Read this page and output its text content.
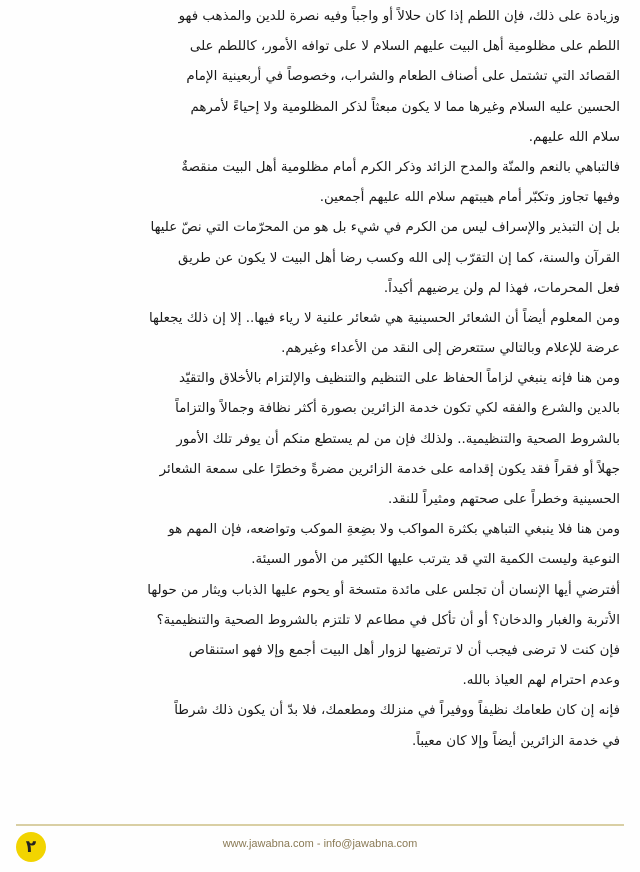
وزيادة على ذلك، فإن اللطم إذا كان حلالاً أو واجباً وفيه نصرة للدين والمذهب فهو
اللطم على مظلومية أهل البيت عليهم السلام لا على توافه الأمور، كاللطم على
القصائد التي تشتمل على أصناف الطعام والشراب، وخصوصاً في أربعينية الإمام
الحسين عليه السلام وغيرها مما لا يكون مبعثاً لذكر المظلومية ولا إحياءً لأمرهم
سلام الله عليهم.
فالتباهي بالنعم والمنّة والمدح الزائد وذكر الكرم أمام مظلومية أهل البيت منقصةٌ
وفيها تجاوز وتكبّر أمام هيبتهم سلام الله عليهم أجمعين.
بل إن التبذير والإسراف ليس من الكرم في شيء بل هو من المحرّمات التي نصّ عليها
القرآن والسنة، كما إن التقرّب إلى الله وكسب رضا أهل البيت لا يكون عن طريق
فعل المحرمات، فهذا لم ولن يرضيهم أكيداً.
ومن المعلوم أيضاً أن الشعائر الحسينية هي شعائر علنية لا رياء فيها.. إلا إن ذلك يجعلها
عرضة للإعلام وبالتالي ستتعرض إلى النقد من الأعداء وغيرهم.
ومن هنا فإنه ينبغي لزاماً الحفاظ على التنظيم والتنظيف والإلتزام بالأخلاق والتقيّد
بالدين والشرع والفقه لكي تكون خدمة الزائرين بصورة أكثر نظافة وجمالاً والتزاماً
بالشروط الصحية والتنظيمية.. ولذلك فإن من لم يستطع منكم أن يوفر تلك الأمور
جهلاً أو فقراً فقد يكون إقدامه على خدمة الزائرين مضرةً وخطرًا على سمعة الشعائر
الحسينية وخطراً على صحتهم ومثيراً للنقد.
ومن هنا فلا ينبغي التباهي بكثرة المواكب ولا بضِعةِ الموكب وتواضعه، فإن المهم هو
النوعية وليست الكمية التي قد يترتب عليها الكثير من الأمور السيئة.
أفترضي أيها الإنسان أن تجلس على مائدة متسخة أو يحوم عليها الذباب ويثار من حولها
الأتربة والغبار والدخان؟ أو أن تأكل في مطاعم لا تلتزم بالشروط الصحية والتنظيمية؟
فإن كنت لا ترضى فيجب أن لا ترتضيها لزوار أهل البيت أجمع وإلا فهو استنقاص
وعدم احترام لهم العياذ بالله.
فإنه إن كان طعامك نظيفاً ووفيراً في منزلك ومطعمك، فلا بدّ أن يكون ذلك شرطاً
في خدمة الزائرين أيضاً وإلا كان معيباً.
٢	www.jawabna.com - info@jawabna.com
